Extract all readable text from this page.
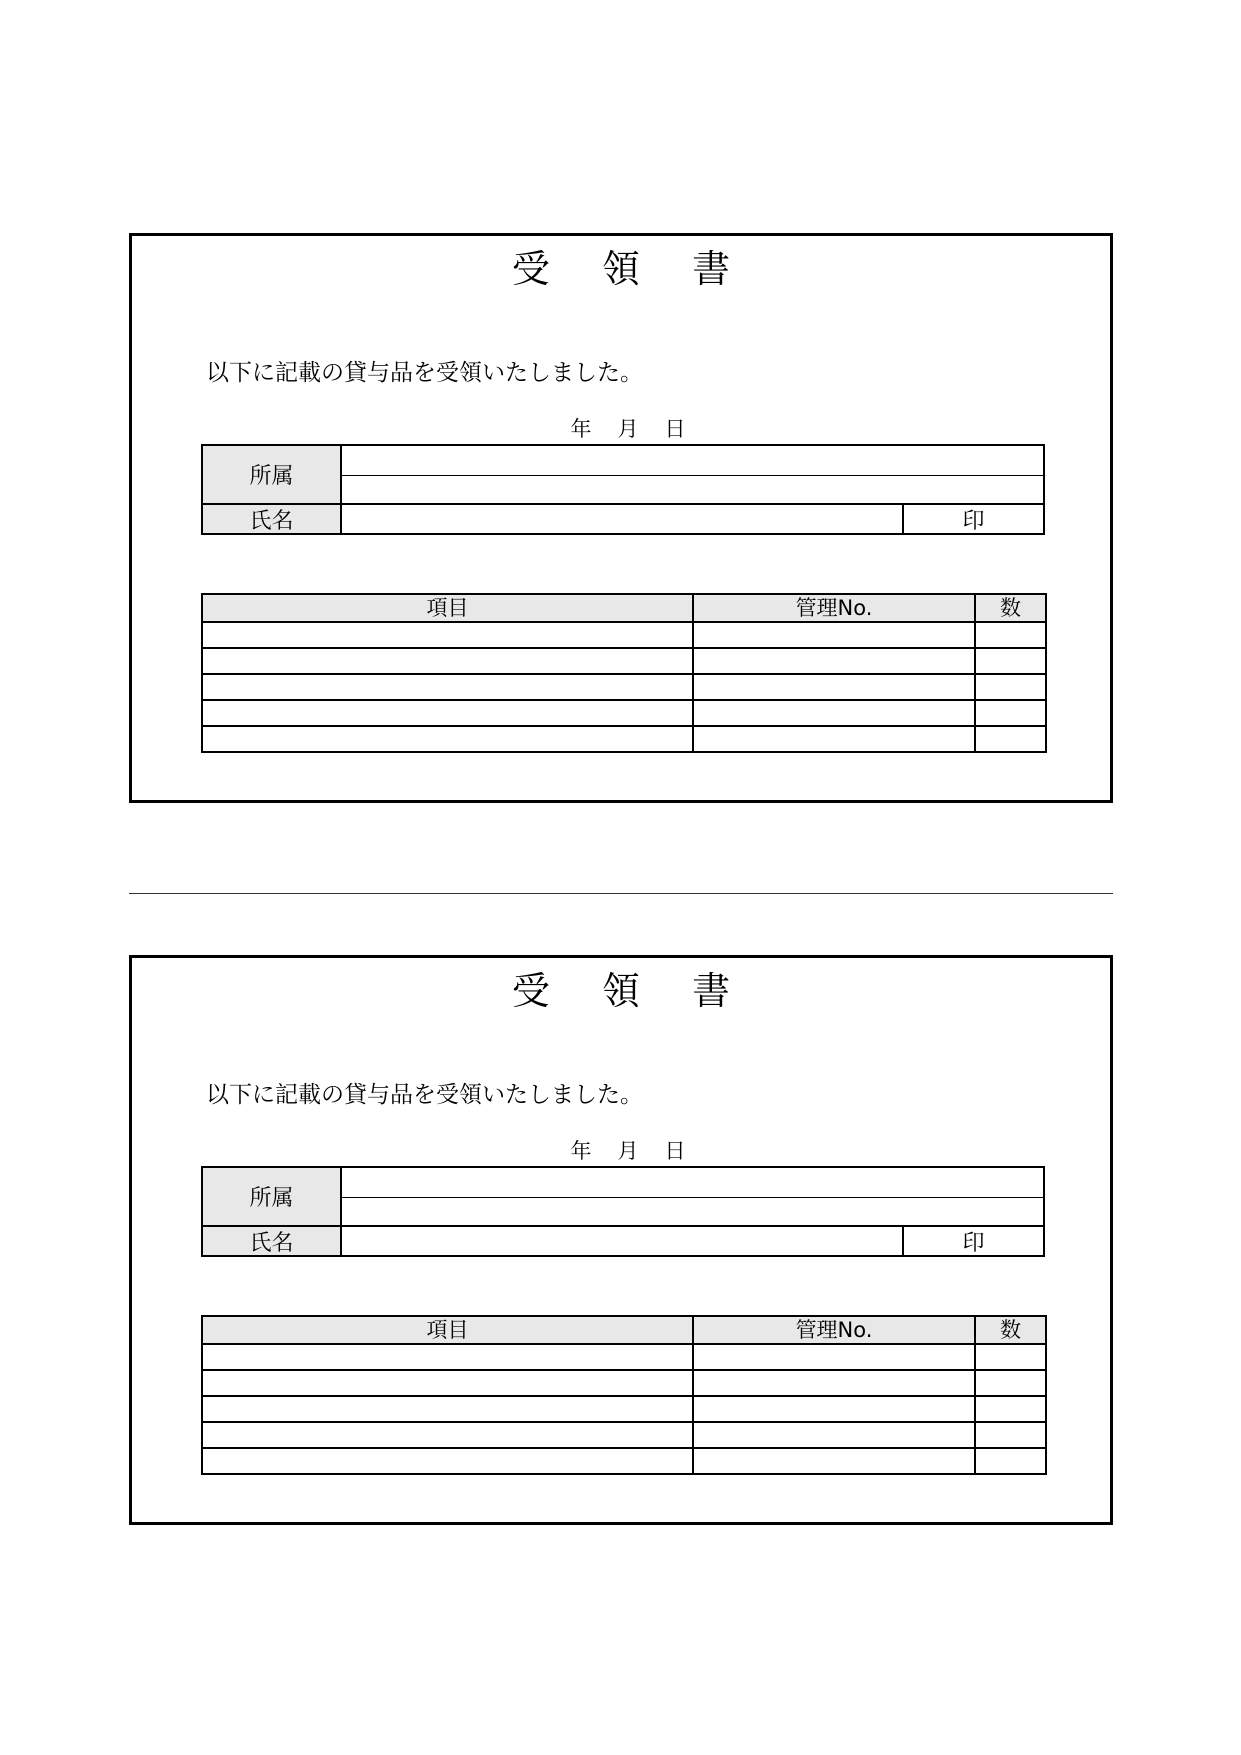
受 領 書
以下に記載の貸与品を受領いたしました。
年 月 日
所属
氏名	印
項目	管理No.	数

受 領 書
以下に記載の貸与品を受領いたしました。
年 月 日
所属
氏名	印
項目	管理No.	数
